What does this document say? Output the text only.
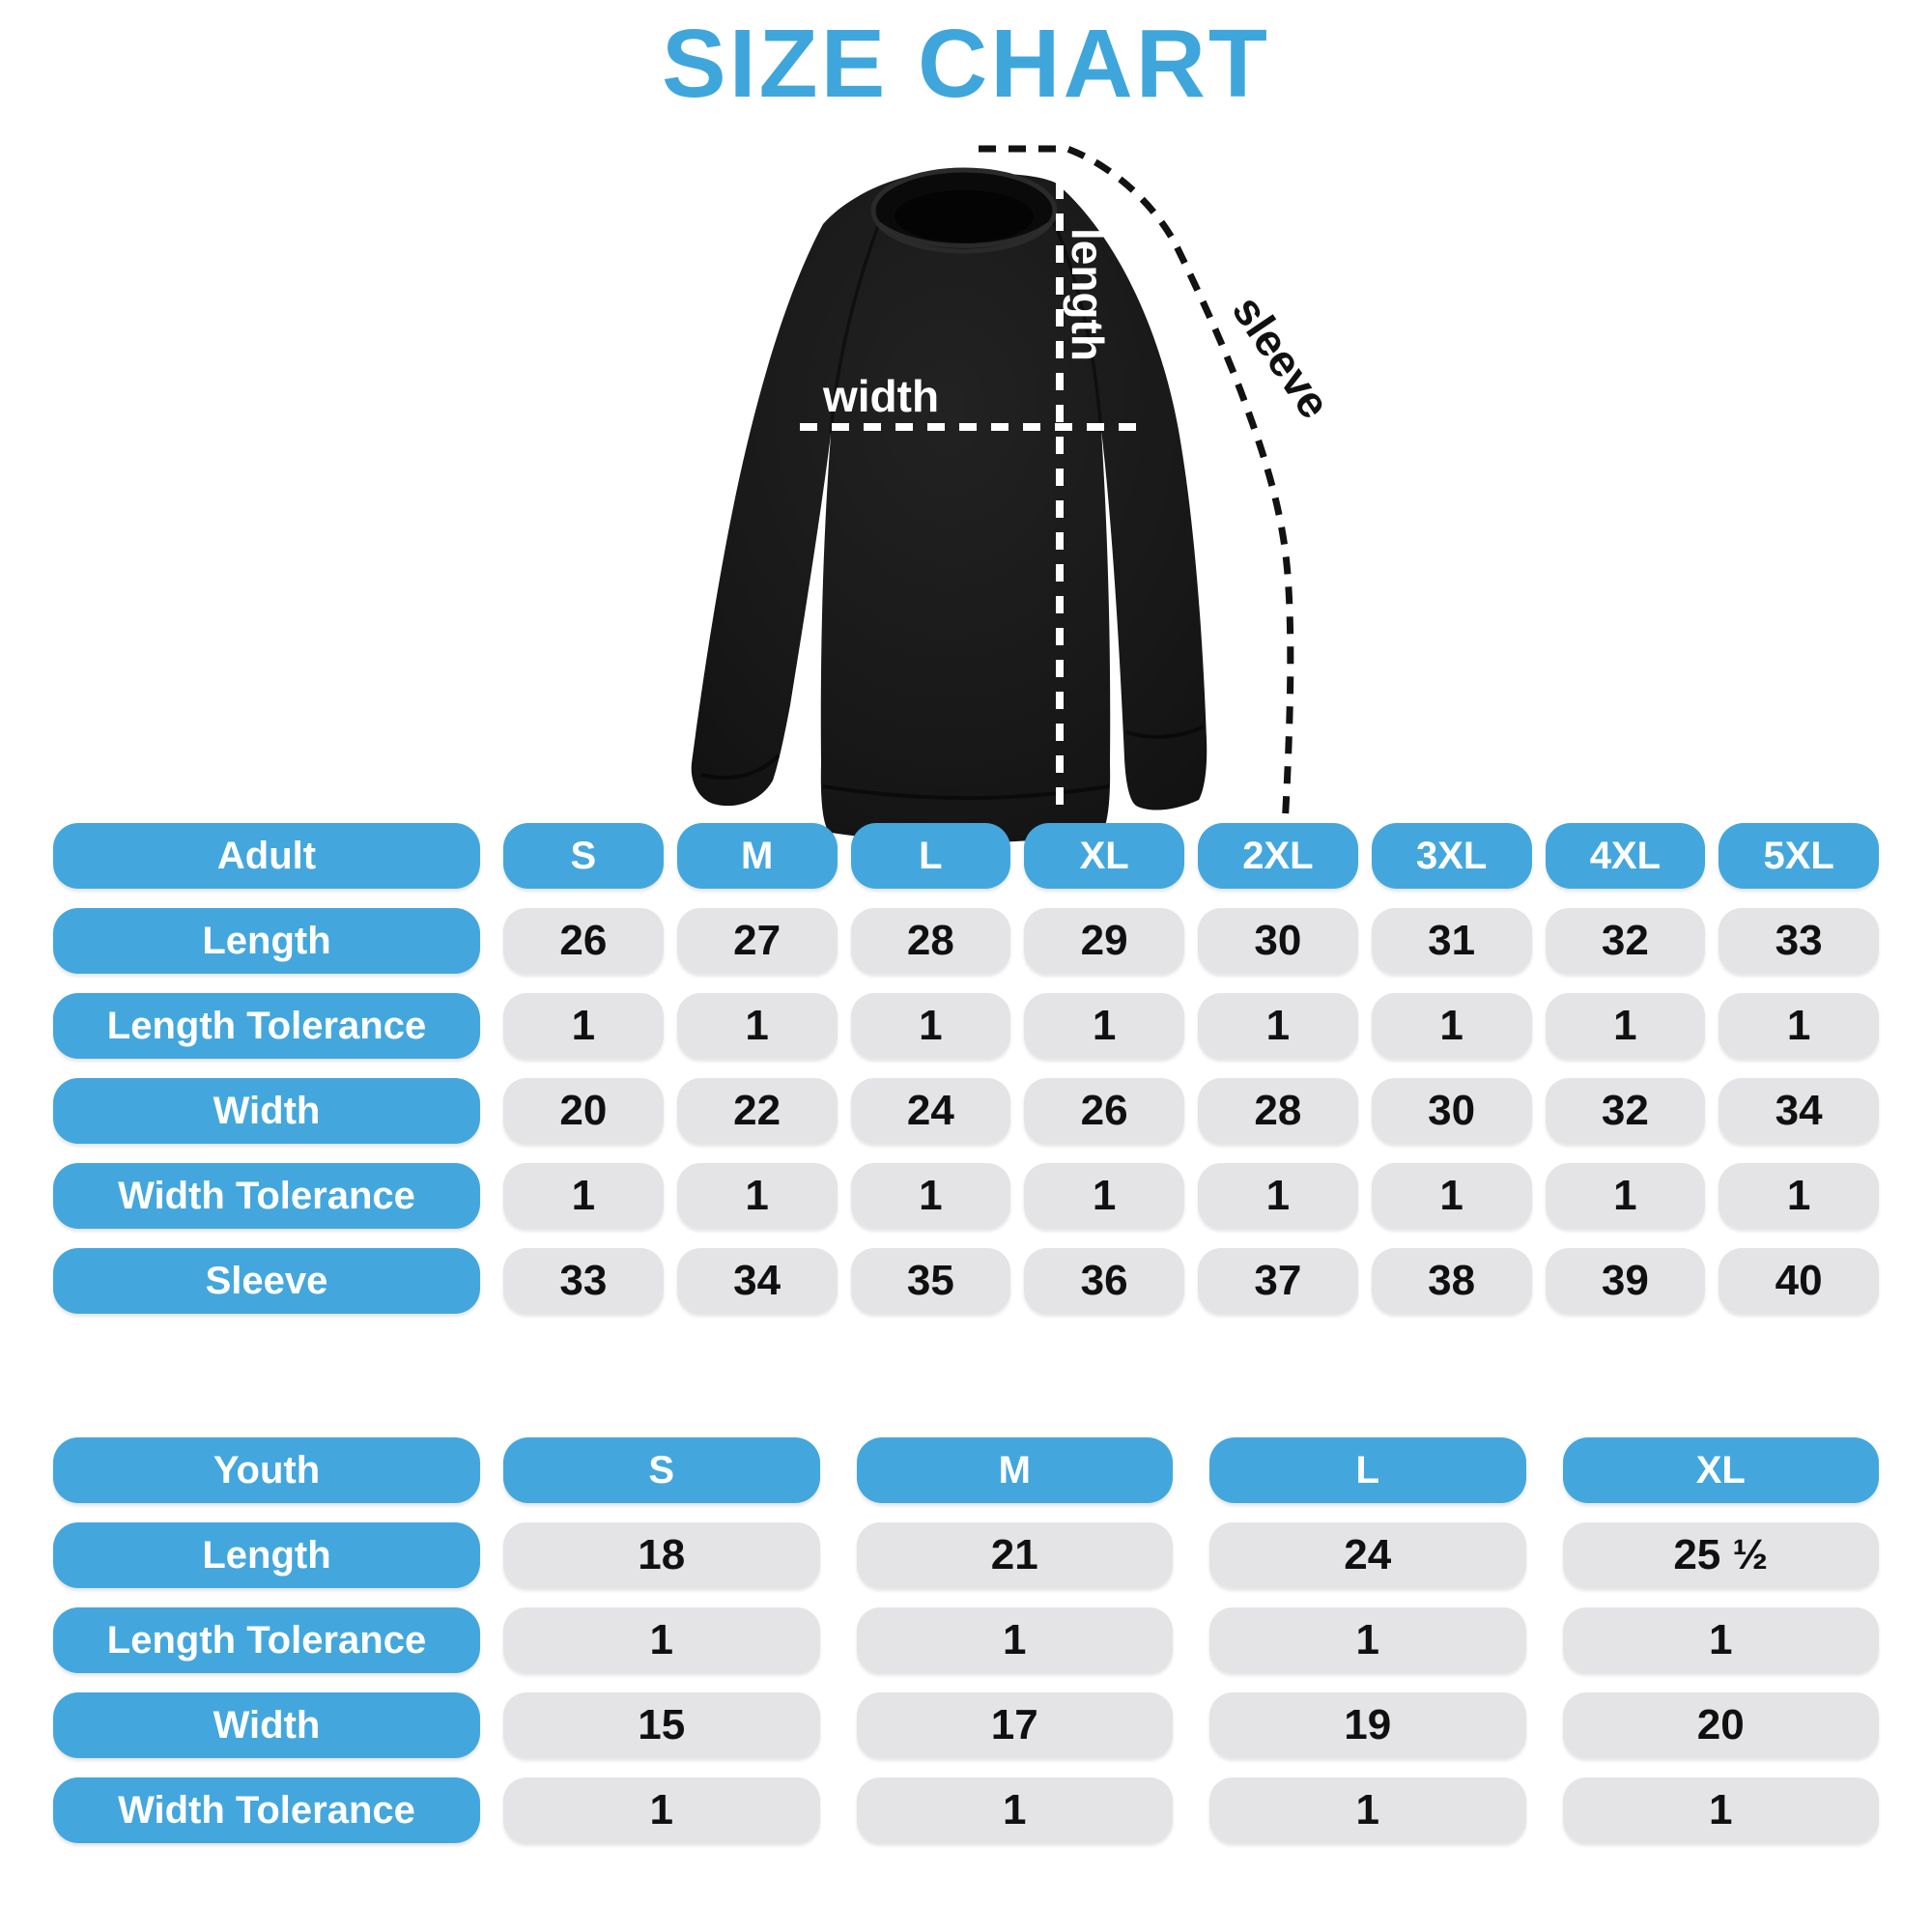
SIZE CHART
width
length sleeve
Adult	S	M	L	XL	2XL	3XL	4XL	5XL
Length	26	27	28	29	30	31	32	33
Length Tolerance	1	1	1	1	1	1	1	1
Width	20	22	24	26	28	30	32	34
Width Tolerance	1	1	1	1	1	1	1	1
Sleeve	33	34	35	36	37	38	39	40
Youth	S	M	L	XL
Length	18	21	24	25 ½
Length Tolerance	1	1	1	1
Width	15	17	19	20
Width Tolerance	1	1	1	1
